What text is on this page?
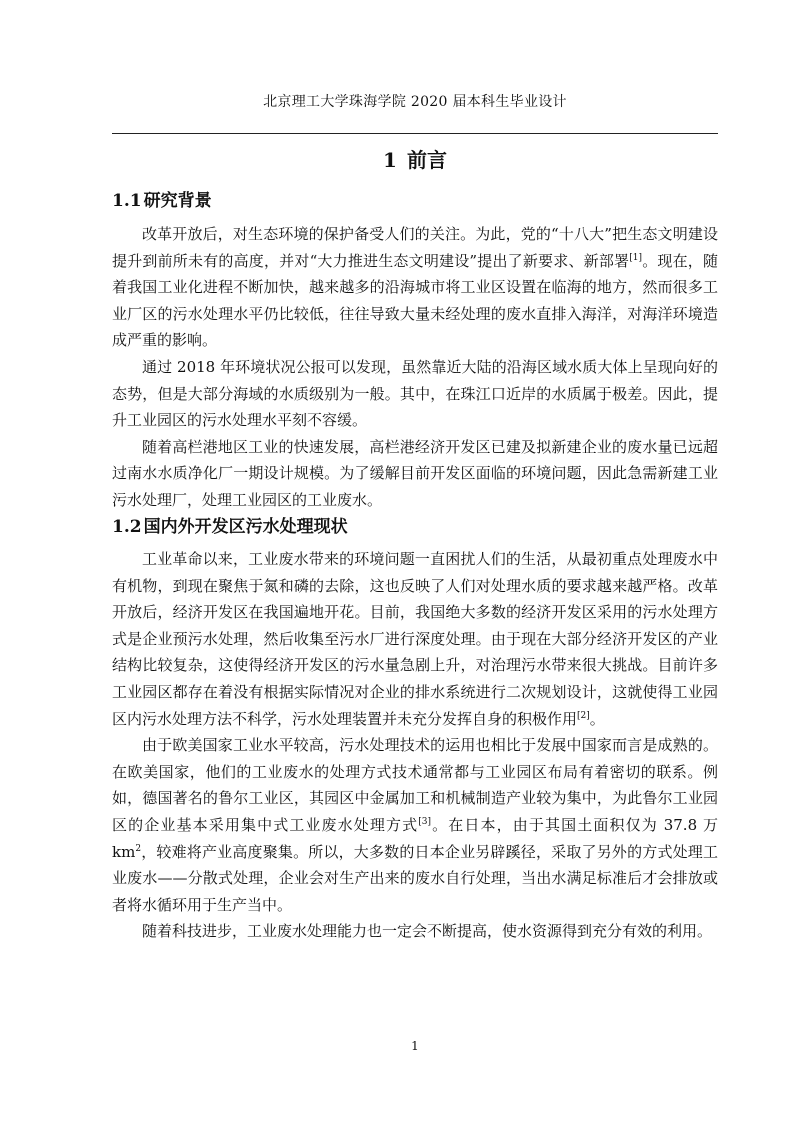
北京理工大学珠海学院 2020 届本科生毕业设计
1 前言
1.1 研究背景

改革开放后，对生态环境的保护备受人们的关注。为此，党的“十八大”把生态文明建设提升到前所未有的高度，并对“大力推进生态文明建设”提出了新要求、新部署[1]。现在，随着我国工业化进程不断加快，越来越多的沿海城市将工业区设置在临海的地方，然而很多工业厂区的污水处理水平仍比较低，往往导致大量未经处理的废水直排入海洋，对海洋环境造成严重的影响。

通过 2018 年环境状况公报可以发现，虽然靠近大陆的沿海区域水质大体上呈现向好的态势，但是大部分海域的水质级别为一般。其中，在珠江口近岸的水质属于极差。因此，提升工业园区的污水处理水平刻不容缓。

随着高栏港地区工业的快速发展，高栏港经济开发区已建及拟新建企业的废水量已远超过南水水质净化厂一期设计规模。为了缓解目前开发区面临的环境问题，因此急需新建工业污水处理厂，处理工业园区的工业废水。

1.2 国内外开发区污水处理现状

工业革命以来，工业废水带来的环境问题一直困扰人们的生活，从最初重点处理废水中有机物，到现在聚焦于氮和磷的去除，这也反映了人们对处理水质的要求越来越严格。改革开放后，经济开发区在我国遍地开花。目前，我国绝大多数的经济开发区采用的污水处理方式是企业预污水处理，然后收集至污水厂进行深度处理。由于现在大部分经济开发区的产业结构比较复杂，这使得经济开发区的污水量急剧上升，对治理污水带来很大挑战。目前许多工业园区都存在着没有根据实际情况对企业的排水系统进行二次规划设计，这就使得工业园区内污水处理方法不科学，污水处理装置并未充分发挥自身的积极作用[2]。

由于欧美国家工业水平较高，污水处理技术的运用也相比于发展中国家而言是成熟的。在欧美国家，他们的工业废水的处理方式技术通常都与工业园区布局有着密切的联系。例如，德国著名的鲁尔工业区，其园区中金属加工和机械制造产业较为集中，为此鲁尔工业园区的企业基本采用集中式工业废水处理方式[3]。在日本，由于其国土面积仅为 37.8 万 $km^2$，较难将产业高度聚集。所以，大多数的日本企业另辟蹊径，采取了另外的方式处理工业废水——分散式处理，企业会对生产出来的废水自行处理，当出水满足标准后才会排放或者将水循环用于生产当中。

随着科技进步，工业废水处理能力也一定会不断提高，使水资源得到充分有效的利用。

1
